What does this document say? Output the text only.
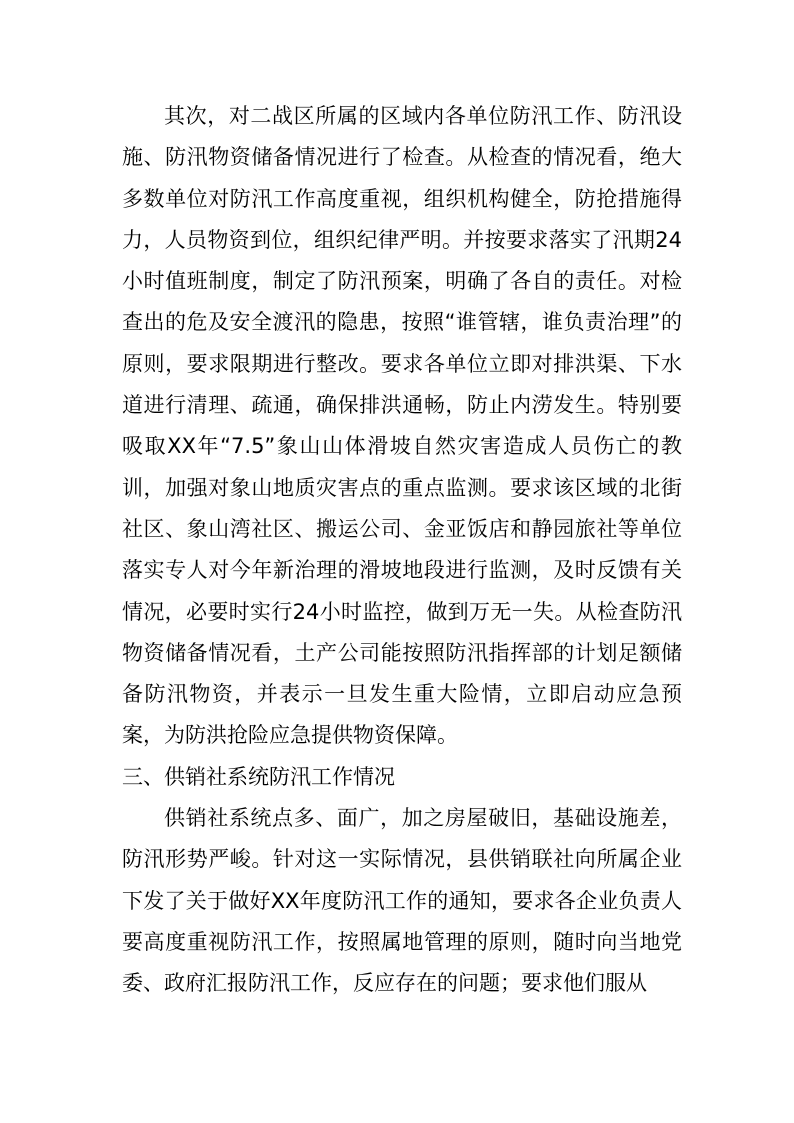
其次，对二战区所属的区域内各单位防汛工作、防汛设施、防汛物资储备情况进行了检查。从检查的情况看，绝大多数单位对防汛工作高度重视，组织机构健全，防抢措施得力，人员物资到位，组织纪律严明。并按要求落实了汛期24小时值班制度，制定了防汛预案，明确了各自的责任。对检查出的危及安全渡汛的隐患，按照“谁管辖，谁负责治理”的原则，要求限期进行整改。要求各单位立即对排洪渠、下水道进行清理、疏通，确保排洪通畅，防止内涝发生。特别要吸取XX年“7.5”象山山体滑坡自然灾害造成人员伤亡的教训，加强对象山地质灾害点的重点监测。要求该区域的北街社区、象山湾社区、搬运公司、金亚饭店和静园旅社等单位落实专人对今年新治理的滑坡地段进行监测，及时反馈有关情况，必要时实行24小时监控，做到万无一失。从检查防汛物资储备情况看，土产公司能按照防汛指挥部的计划足额储备防汛物资，并表示一旦发生重大险情，立即启动应急预案，为防洪抢险应急提供物资保障。

三、供销社系统防汛工作情况

供销社系统点多、面广，加之房屋破旧，基础设施差，防汛形势严峻。针对这一实际情况，县供销联社向所属企业下发了关于做好XX年度防汛工作的通知，要求各企业负责人要高度重视防汛工作，按照属地管理的原则，随时向当地党委、政府汇报防汛工作，反应存在的问题；要求他们服从
